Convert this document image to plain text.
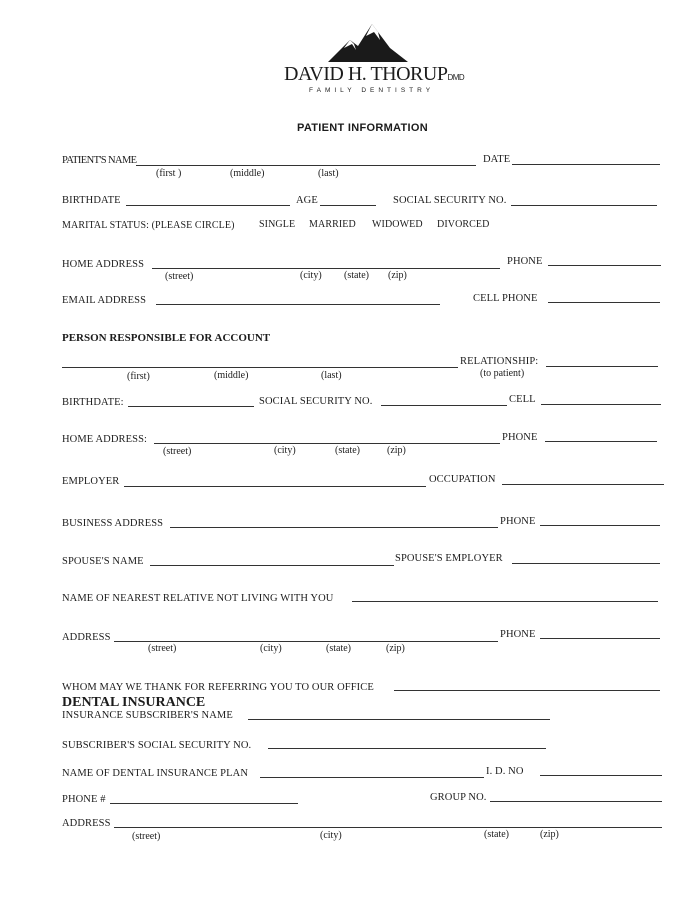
DAVID H. THORUPDMD
FAMILY DENTISTRY
PATIENT INFORMATION
PATIENT'S NAME	DATE
(first )	(middle)	(last)
BIRTHDATE	AGE	SOCIAL SECURITY NO.
MARITAL STATUS: (PLEASE CIRCLE) SINGLE MARRIED WIDOWED DIVORCED
HOME ADDRESS	PHONE
(street)	(city) (state) (zip)
EMAIL ADDRESS	CELL PHONE
PERSON RESPONSIBLE FOR ACCOUNT
RELATIONSHIP:
(first)	(middle)	(last)	(to patient)
BIRTHDATE:	SOCIAL SECURITY NO.	CELL
HOME ADDRESS:	PHONE
(street)	(city)	(state)	(zip)
EMPLOYER	OCCUPATION
BUSINESS ADDRESS	PHONE
SPOUSE'S NAME	SPOUSE'S EMPLOYER
NAME OF NEAREST RELATIVE NOT LIVING WITH YOU
ADDRESS	PHONE
(street)	(city)	(state)	(zip)
WHOM MAY WE THANK FOR REFERRING YOU TO OUR OFFICE
DENTAL INSURANCE
INSURANCE SUBSCRIBER'S NAME
SUBSCRIBER'S SOCIAL SECURITY NO.
NAME OF DENTAL INSURANCE PLAN	I. D. NO
PHONE #	GROUP NO.
ADDRESS
(street)	(city)	(state)	(zip)
